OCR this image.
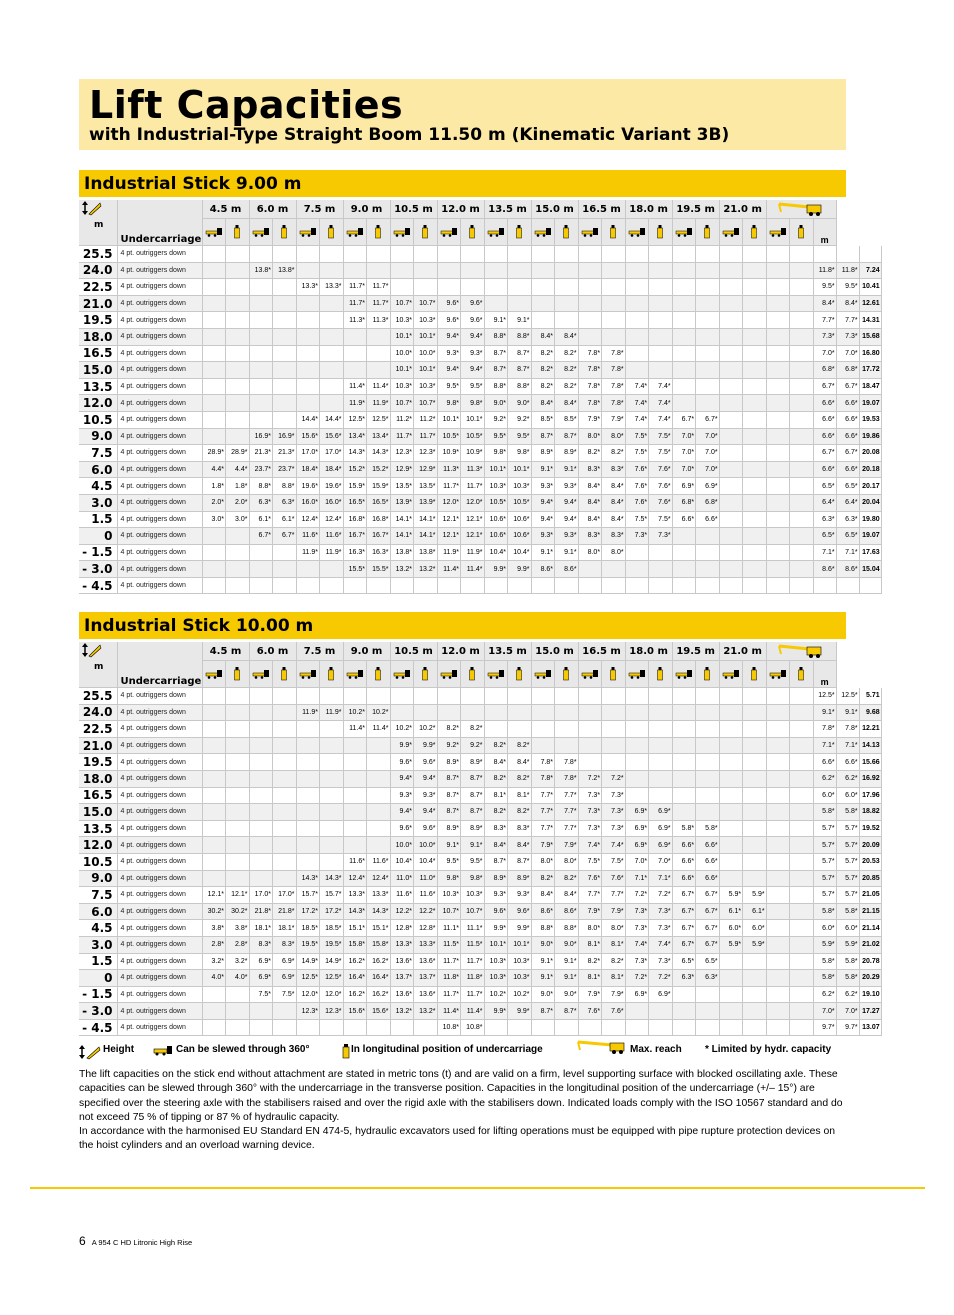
Lift Capacities
with Industrial-Type Straight Boom 11.50 m (Kinematic Variant 3B)
Industrial Stick 9.00 m
m	Undercarriage	4.5 m		6.0 m		7.5 m		9.0 m		10.5 m		12.0 m		13.5 m		15.0 m		16.5 m		18.0 m		19.5 m		21.0 m	
																										m		
25.5	4 pt. outriggers down																													
24.0	4 pt. outriggers down			13.8*	13.8*																							11.8*	11.8*	7.24
22.5	4 pt. outriggers down					13.3*	13.3*	11.7*	11.7*																			9.5*	9.5*	10.41
21.0	4 pt. outriggers down							11.7*	11.7*	10.7*	10.7*	9.6*	9.6*															8.4*	8.4*	12.61
19.5	4 pt. outriggers down							11.3*	11.3*	10.3*	10.3*	9.6*	9.6*	9.1*	9.1*													7.7*	7.7*	14.31
18.0	4 pt. outriggers down									10.1*	10.1*	9.4*	9.4*	8.8*	8.8*	8.4*	8.4*											7.3*	7.3*	15.68
16.5	4 pt. outriggers down									10.0*	10.0*	9.3*	9.3*	8.7*	8.7*	8.2*	8.2*	7.8*	7.8*									7.0*	7.0*	16.80
15.0	4 pt. outriggers down									10.1*	10.1*	9.4*	9.4*	8.7*	8.7*	8.2*	8.2*	7.8*	7.8*									6.8*	6.8*	17.72
13.5	4 pt. outriggers down							11.4*	11.4*	10.3*	10.3*	9.5*	9.5*	8.8*	8.8*	8.2*	8.2*	7.8*	7.8*	7.4*	7.4*							6.7*	6.7*	18.47
12.0	4 pt. outriggers down							11.9*	11.9*	10.7*	10.7*	9.8*	9.8*	9.0*	9.0*	8.4*	8.4*	7.8*	7.8*	7.4*	7.4*							6.6*	6.6*	19.07
10.5	4 pt. outriggers down					14.4*	14.4*	12.5*	12.5*	11.2*	11.2*	10.1*	10.1*	9.2*	9.2*	8.5*	8.5*	7.9*	7.9*	7.4*	7.4*	6.7*	6.7*					6.6*	6.6*	19.53
9.0	4 pt. outriggers down			16.9*	16.9*	15.6*	15.6*	13.4*	13.4*	11.7*	11.7*	10.5*	10.5*	9.5*	9.5*	8.7*	8.7*	8.0*	8.0*	7.5*	7.5*	7.0*	7.0*					6.6*	6.6*	19.86
7.5	4 pt. outriggers down	28.9*	28.9*	21.3*	21.3*	17.0*	17.0*	14.3*	14.3*	12.3*	12.3*	10.9*	10.9*	9.8*	9.8*	8.9*	8.9*	8.2*	8.2*	7.5*	7.5*	7.0*	7.0*					6.7*	6.7*	20.08
6.0	4 pt. outriggers down	4.4*	4.4*	23.7*	23.7*	18.4*	18.4*	15.2*	15.2*	12.9*	12.9*	11.3*	11.3*	10.1*	10.1*	9.1*	9.1*	8.3*	8.3*	7.6*	7.6*	7.0*	7.0*					6.6*	6.6*	20.18
4.5	4 pt. outriggers down	1.8*	1.8*	8.8*	8.8*	19.6*	19.6*	15.9*	15.9*	13.5*	13.5*	11.7*	11.7*	10.3*	10.3*	9.3*	9.3*	8.4*	8.4*	7.6*	7.6*	6.9*	6.9*					6.5*	6.5*	20.17
3.0	4 pt. outriggers down	2.0*	2.0*	6.3*	6.3*	16.0*	16.0*	16.5*	16.5*	13.9*	13.9*	12.0*	12.0*	10.5*	10.5*	9.4*	9.4*	8.4*	8.4*	7.6*	7.6*	6.8*	6.8*					6.4*	6.4*	20.04
1.5	4 pt. outriggers down	3.0*	3.0*	6.1*	6.1*	12.4*	12.4*	16.8*	16.8*	14.1*	14.1*	12.1*	12.1*	10.6*	10.6*	9.4*	9.4*	8.4*	8.4*	7.5*	7.5*	6.6*	6.6*					6.3*	6.3*	19.80
0	4 pt. outriggers down			6.7*	6.7*	11.6*	11.6*	16.7*	16.7*	14.1*	14.1*	12.1*	12.1*	10.6*	10.6*	9.3*	9.3*	8.3*	8.3*	7.3*	7.3*							6.5*	6.5*	19.07
- 1.5	4 pt. outriggers down					11.9*	11.9*	16.3*	16.3*	13.8*	13.8*	11.9*	11.9*	10.4*	10.4*	9.1*	9.1*	8.0*	8.0*									7.1*	7.1*	17.63
- 3.0	4 pt. outriggers down							15.5*	15.5*	13.2*	13.2*	11.4*	11.4*	9.9*	9.9*	8.6*	8.6*											8.6*	8.6*	15.04
- 4.5	4 pt. outriggers down																													
Industrial Stick 10.00 m
m	Undercarriage	4.5 m		6.0 m		7.5 m		9.0 m		10.5 m		12.0 m		13.5 m		15.0 m		16.5 m		18.0 m		19.5 m		21.0 m	
																										m		
25.5	4 pt. outriggers down																											12.5*	12.5*	5.71
24.0	4 pt. outriggers down					11.9*	11.9*	10.2*	10.2*																			9.1*	9.1*	9.68
22.5	4 pt. outriggers down							11.4*	11.4*	10.2*	10.2*	8.2*	8.2*															7.8*	7.8*	12.21
21.0	4 pt. outriggers down									9.9*	9.9*	9.2*	9.2*	8.2*	8.2*													7.1*	7.1*	14.13
19.5	4 pt. outriggers down									9.6*	9.6*	8.9*	8.9*	8.4*	8.4*	7.8*	7.8*											6.6*	6.6*	15.66
18.0	4 pt. outriggers down									9.4*	9.4*	8.7*	8.7*	8.2*	8.2*	7.8*	7.8*	7.2*	7.2*									6.2*	6.2*	16.92
16.5	4 pt. outriggers down									9.3*	9.3*	8.7*	8.7*	8.1*	8.1*	7.7*	7.7*	7.3*	7.3*									6.0*	6.0*	17.96
15.0	4 pt. outriggers down									9.4*	9.4*	8.7*	8.7*	8.2*	8.2*	7.7*	7.7*	7.3*	7.3*	6.9*	6.9*							5.8*	5.8*	18.82
13.5	4 pt. outriggers down									9.6*	9.6*	8.9*	8.9*	8.3*	8.3*	7.7*	7.7*	7.3*	7.3*	6.9*	6.9*	5.8*	5.8*					5.7*	5.7*	19.52
12.0	4 pt. outriggers down									10.0*	10.0*	9.1*	9.1*	8.4*	8.4*	7.9*	7.9*	7.4*	7.4*	6.9*	6.9*	6.6*	6.6*					5.7*	5.7*	20.09
10.5	4 pt. outriggers down							11.6*	11.6*	10.4*	10.4*	9.5*	9.5*	8.7*	8.7*	8.0*	8.0*	7.5*	7.5*	7.0*	7.0*	6.6*	6.6*					5.7*	5.7*	20.53
9.0	4 pt. outriggers down					14.3*	14.3*	12.4*	12.4*	11.0*	11.0*	9.8*	9.8*	8.9*	8.9*	8.2*	8.2*	7.6*	7.6*	7.1*	7.1*	6.6*	6.6*					5.7*	5.7*	20.85
7.5	4 pt. outriggers down	12.1*	12.1*	17.0*	17.0*	15.7*	15.7*	13.3*	13.3*	11.6*	11.6*	10.3*	10.3*	9.3*	9.3*	8.4*	8.4*	7.7*	7.7*	7.2*	7.2*	6.7*	6.7*	5.9*	5.9*			5.7*	5.7*	21.05
6.0	4 pt. outriggers down	30.2*	30.2*	21.8*	21.8*	17.2*	17.2*	14.3*	14.3*	12.2*	12.2*	10.7*	10.7*	9.6*	9.6*	8.6*	8.6*	7.9*	7.9*	7.3*	7.3*	6.7*	6.7*	6.1*	6.1*			5.8*	5.8*	21.15
4.5	4 pt. outriggers down	3.8*	3.8*	18.1*	18.1*	18.5*	18.5*	15.1*	15.1*	12.8*	12.8*	11.1*	11.1*	9.9*	9.9*	8.8*	8.8*	8.0*	8.0*	7.3*	7.3*	6.7*	6.7*	6.0*	6.0*			6.0*	6.0*	21.14
3.0	4 pt. outriggers down	2.8*	2.8*	8.3*	8.3*	19.5*	19.5*	15.8*	15.8*	13.3*	13.3*	11.5*	11.5*	10.1*	10.1*	9.0*	9.0*	8.1*	8.1*	7.4*	7.4*	6.7*	6.7*	5.9*	5.9*			5.9*	5.9*	21.02
1.5	4 pt. outriggers down	3.2*	3.2*	6.9*	6.9*	14.9*	14.9*	16.2*	16.2*	13.6*	13.6*	11.7*	11.7*	10.3*	10.3*	9.1*	9.1*	8.2*	8.2*	7.3*	7.3*	6.5*	6.5*					5.8*	5.8*	20.78
0	4 pt. outriggers down	4.0*	4.0*	6.9*	6.9*	12.5*	12.5*	16.4*	16.4*	13.7*	13.7*	11.8*	11.8*	10.3*	10.3*	9.1*	9.1*	8.1*	8.1*	7.2*	7.2*	6.3*	6.3*					5.8*	5.8*	20.29
- 1.5	4 pt. outriggers down			7.5*	7.5*	12.0*	12.0*	16.2*	16.2*	13.6*	13.6*	11.7*	11.7*	10.2*	10.2*	9.0*	9.0*	7.9*	7.9*	6.9*	6.9*							6.2*	6.2*	19.10
- 3.0	4 pt. outriggers down					12.3*	12.3*	15.6*	15.6*	13.2*	13.2*	11.4*	11.4*	9.9*	9.9*	8.7*	8.7*	7.6*	7.6*									7.0*	7.0*	17.27
- 4.5	4 pt. outriggers down											10.8*	10.8*															9.7*	9.7*	13.07
Height	Can be slewed through 360°	In longitudinal position of undercarriage	Max. reach * Limited by hydr. capacity

The lift capacities on the stick end without attachment are stated in metric tons (t) and are valid on a firm, level supporting surface with blocked oscillating axle. These capacities can be slewed through 360° with the undercarriage in the transverse position. Capacities in the longitudinal position of the undercarriage (+/– 15°) are specified over the steering axle with the stabilisers raised and over the rigid axle with the stabilisers down. Indicated loads comply with the ISO 10567 standard and do not exceed 75 % of tipping or 87 % of hydraulic capacity.

In accordance with the harmonised EU Standard EN 474-5, hydraulic excavators used for lifting operations must be equipped with pipe rupture protection devices on the hoist cylinders and an overload warning device.

6 A 954 C HD Litronic High Rise
